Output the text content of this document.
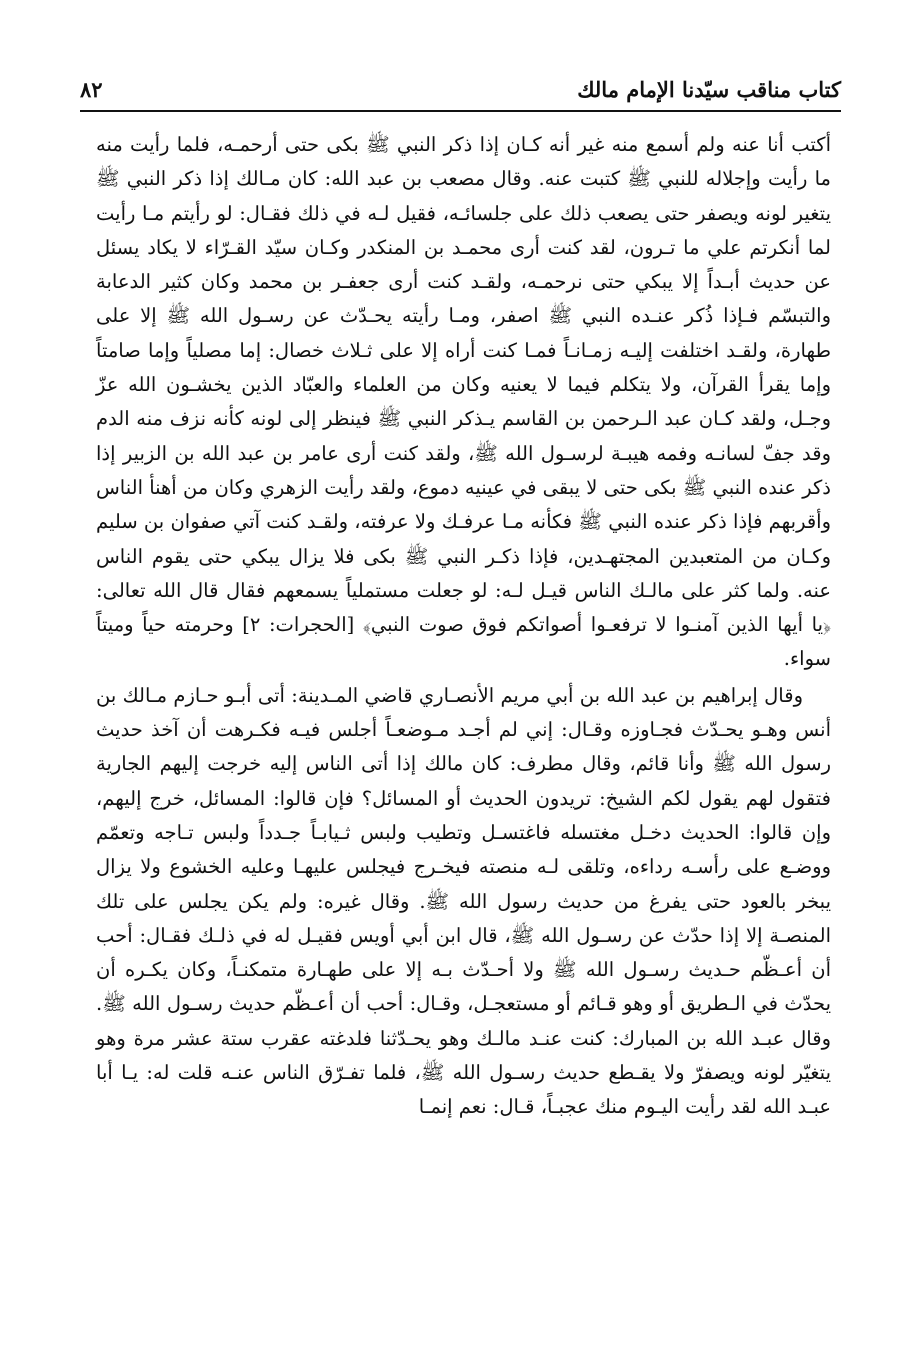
كتاب مناقب سيّدنا الإمام مالك
٨٢

أكتب أنا عنه ولم أسمع منه غير أنه كـان إذا ذكر النبي ﷺ بكى حتى أرحمـه، فلما رأيت منه ما رأيت وإجلاله للنبي ﷺ كتبت عنه. وقال مصعب بن عبد الله: كان مـالك إذا ذكر النبي ﷺ يتغير لونه ويصفر حتى يصعب ذلك على جلسائـه، فقيل لـه في ذلك فقـال: لو رأيتم مـا رأيت لما أنكرتم علي ما تـرون، لقد كنت أرى محمـد بن المنكدر وكـان سيّد القـرّاء لا يكاد يسئل عن حديث أبـداً إلا يبكي حتى نرحمـه، ولقـد كنت أرى جعفـر بن محمد وكان كثير الدعابة والتبسّم فـإذا ذُكر عنـده النبي ﷺ اصفر، ومـا رأيته يحـدّث عن رسـول الله ﷺ إلا على طهارة، ولقـد اختلفت إليـه زمـانـاً فمـا كنت أراه إلا على ثـلاث خصال: إما مصلياً وإما صامتاً وإما يقرأ القرآن، ولا يتكلم فيما لا يعنيه وكان من العلماء والعبّاد الذين يخشـون الله عزّ وجـل، ولقد كـان عبد الـرحمن بن القاسم يـذكر النبي ﷺ فينظر إلى لونه كأنه نزف منه الدم وقد جفّ لسانـه وفمه هيبـة لرسـول الله ﷺ، ولقد كنت أرى عامر بن عبد الله بن الزبير إذا ذكر عنده النبي ﷺ بكى حتى لا يبقى في عينيه دموع، ولقد رأيت الزهري وكان من أهنأ الناس وأقربهم فإذا ذكر عنده النبي ﷺ فكأنه مـا عرفـك ولا عرفته، ولقـد كنت آتي صفوان بن سليم وكـان من المتعبدين المجتهـدين، فإذا ذكـر النبي ﷺ بكى فلا يزال يبكي حتى يقوم الناس عنه. ولما كثر على مالـك الناس قيـل لـه: لو جعلت مستملياً يسمعهم فقال قال الله تعالى: ﴿يا أيها الذين آمنـوا لا ترفعـوا أصواتكم فوق صوت النبي﴾ [الحجرات: ٢] وحرمته حياً وميتاً سواء.

وقال إبراهيم بن عبد الله بن أبي مريم الأنصـاري قاضي المـدينة: أتى أبـو حـازم مـالك بن أنس وهـو يحـدّث فجـاوزه وقـال: إني لم أجـد مـوضعـاً أجلس فيـه فكـرهت أن آخذ حديث رسول الله ﷺ وأنا قائم، وقال مطرف: كان مالك إذا أتى الناس إليه خرجت إليهم الجارية فتقول لهم يقول لكم الشيخ: تريدون الحديث أو المسائل؟ فإن قالوا: المسائل، خرج إليهم، وإن قالوا: الحديث دخـل مغتسله فاغتسـل وتطيب ولبس ثـيابـاً جـدداً ولبس تـاجه وتعمّم ووضـع على رأسـه رداءه، وتلقى لـه منصته فيخـرج فيجلس عليهـا وعليه الخشوع ولا يزال يبخر بالعود حتى يفرغ من حديث رسول الله ﷺ. وقال غيره: ولم يكن يجلس على تلك المنصـة إلا إذا حدّث عن رسـول الله ﷺ، قال ابن أبي أويس فقيـل له في ذلـك فقـال: أحب أن أعـظّم حـديث رسـول الله ﷺ ولا أحـدّث بـه إلا على طهـارة متمكنـاً، وكان يكـره أن يحدّث في الـطريق أو وهو قـائم أو مستعجـل، وقـال: أحب أن أعـظّم حديث رسـول الله ﷺ. وقال عبـد الله بن المبارك: كنت عنـد مالـك وهو يحـدّثنا فلدغته عقرب ستة عشر مرة وهو يتغيّر لونه ويصفرّ ولا يقـطع حديث رسـول الله ﷺ، فلما تفـرّق الناس عنـه قلت له: يـا أبا عبـد الله لقد رأيت اليـوم منك عجبـاً، قـال: نعم إنمـا
